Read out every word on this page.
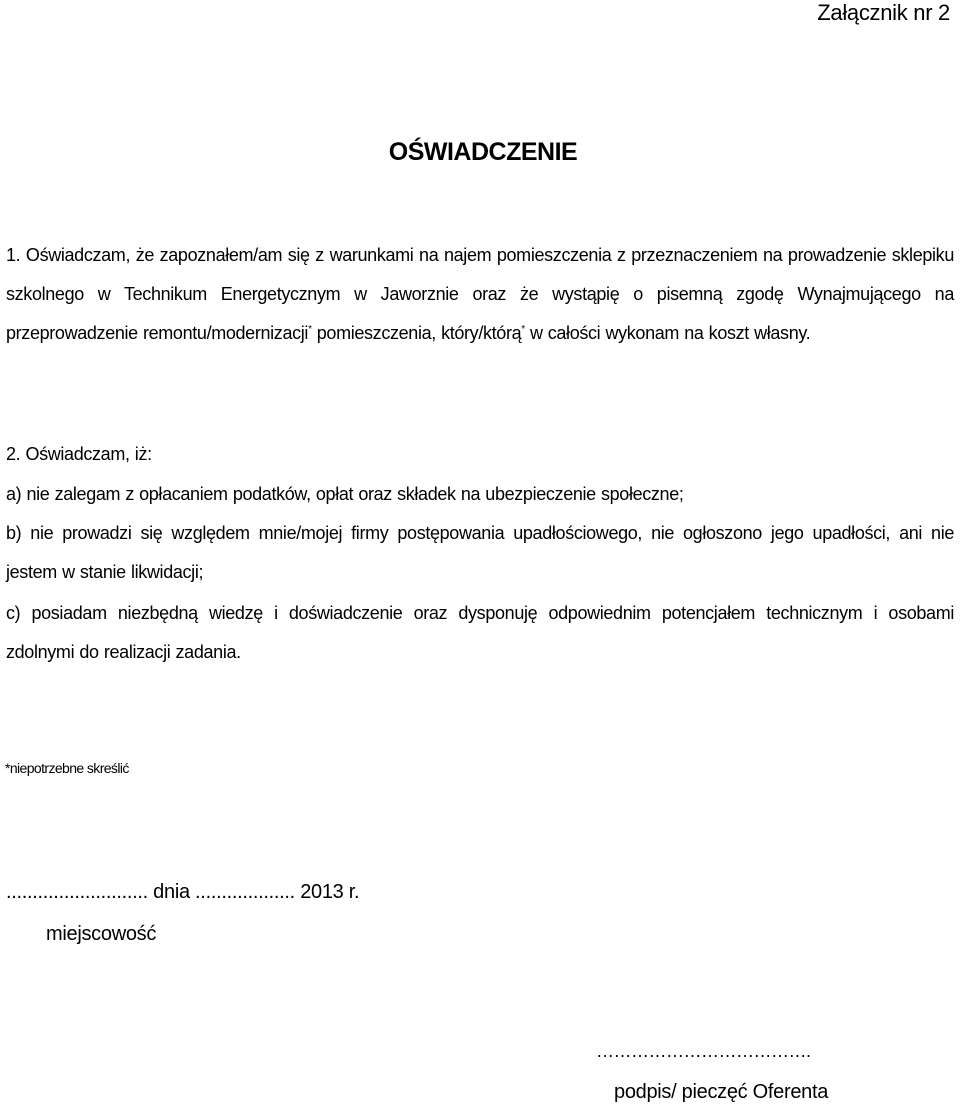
Załącznik nr 2
OŚWIADCZENIE
1. Oświadczam, że zapoznałem/am się z warunkami na najem pomieszczenia z przeznaczeniem na prowadzenie sklepiku szkolnego w Technikum Energetycznym w Jaworznie oraz że wystąpię o pisemną zgodę Wynajmującego na przeprowadzenie remontu/modernizacji* pomieszczenia, który/którą* w całości wykonam na koszt własny.
2. Oświadczam, iż:
a) nie zalegam z opłacaniem podatków, opłat oraz składek na ubezpieczenie społeczne;
b) nie prowadzi się względem mnie/mojej firmy postępowania upadłościowego, nie ogłoszono jego upadłości, ani nie jestem w stanie likwidacji;
c) posiadam niezbędną wiedzę i doświadczenie oraz dysponuję odpowiednim potencjałem technicznym i osobami zdolnymi do realizacji zadania.
*niepotrzebne skreślić
........................... dnia ................... 2013 r.
miejscowość
……………………………….
podpis/ pieczęć Oferenta
